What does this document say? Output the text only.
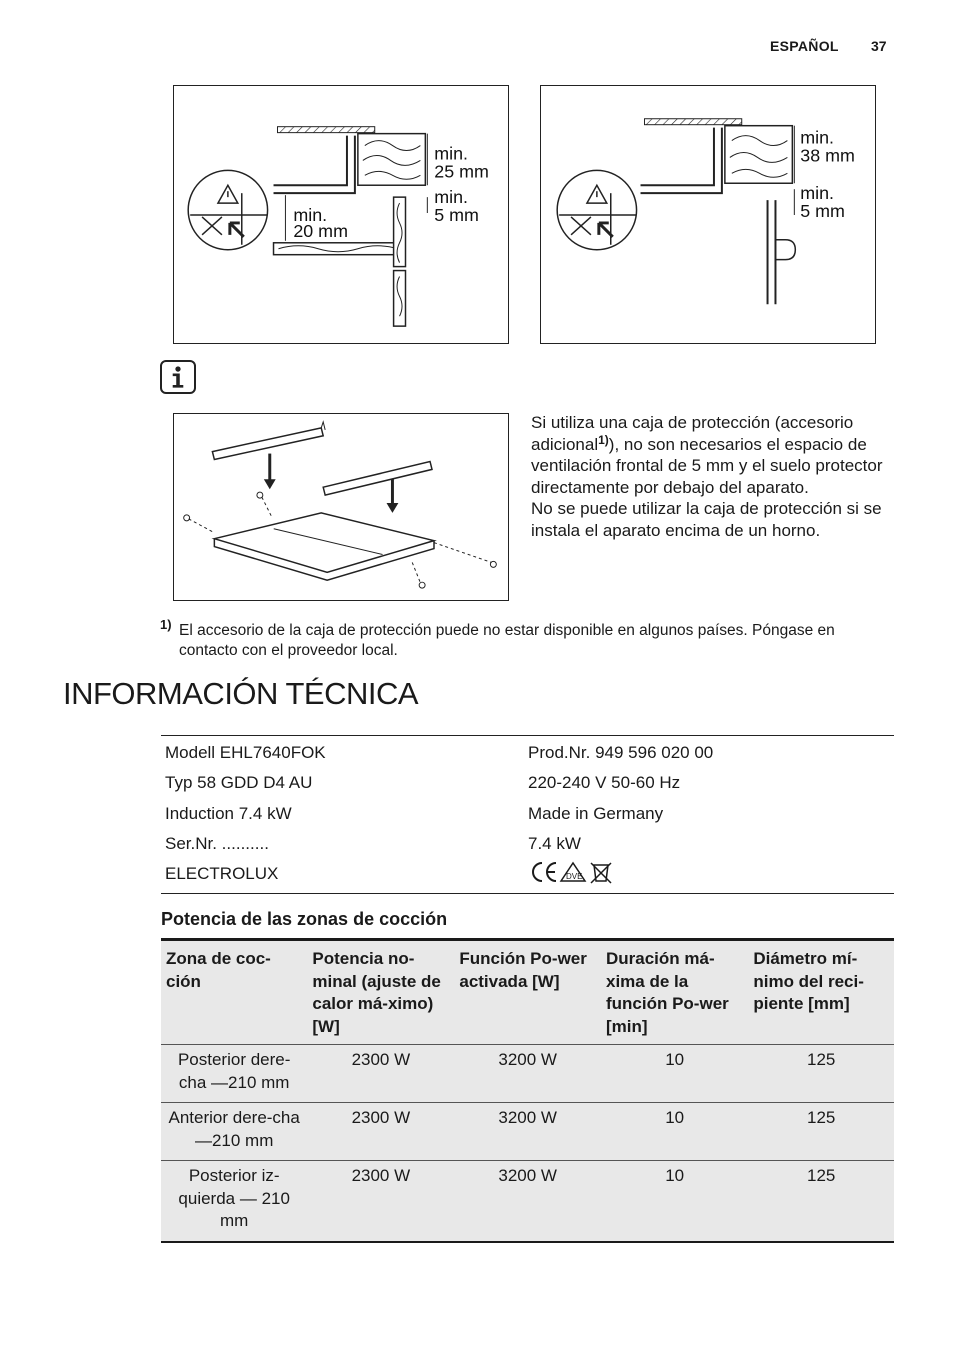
ESPAÑOL 37
min.
25 mm
min.
5 mm
min.
20 mm
min.
38 mm
min.
5 mm
Si utiliza una caja de protección (accesorio adicional$^{1)}$), no son necesarios el espacio de ventilación frontal de 5 mm y el suelo protector directamente por debajo del aparato.
No se puede utilizar la caja de protección si se instala el aparato encima de un horno.
1) El accesorio de la caja de protección puede no estar disponible en algunos países. Póngase en contacto con el proveedor local.
INFORMACIÓN TÉCNICA
Modell EHL7640FOK	Prod.Nr. 949 596 020 00
Typ 58 GDD D4 AU	220-240 V 50-60 Hz
Induction 7.4 kW	Made in Germany
Ser.Nr. ..........	7.4 kW
ELECTROLUX	DVE
Potencia de las zonas de cocción
Zona de coc-ción	Potencia no-minal (ajuste de calor má-ximo) [W]	Función Po-wer activada [W]	Duración má-xima de la función Po-wer [min]	Diámetro mí-nimo del reci-piente [mm]
Posterior dere-cha —210 mm	2300 W	3200 W	10	125
Anterior dere-cha —210 mm	2300 W	3200 W	10	125
Posterior iz-quierda — 210 mm	2300 W	3200 W	10	125
